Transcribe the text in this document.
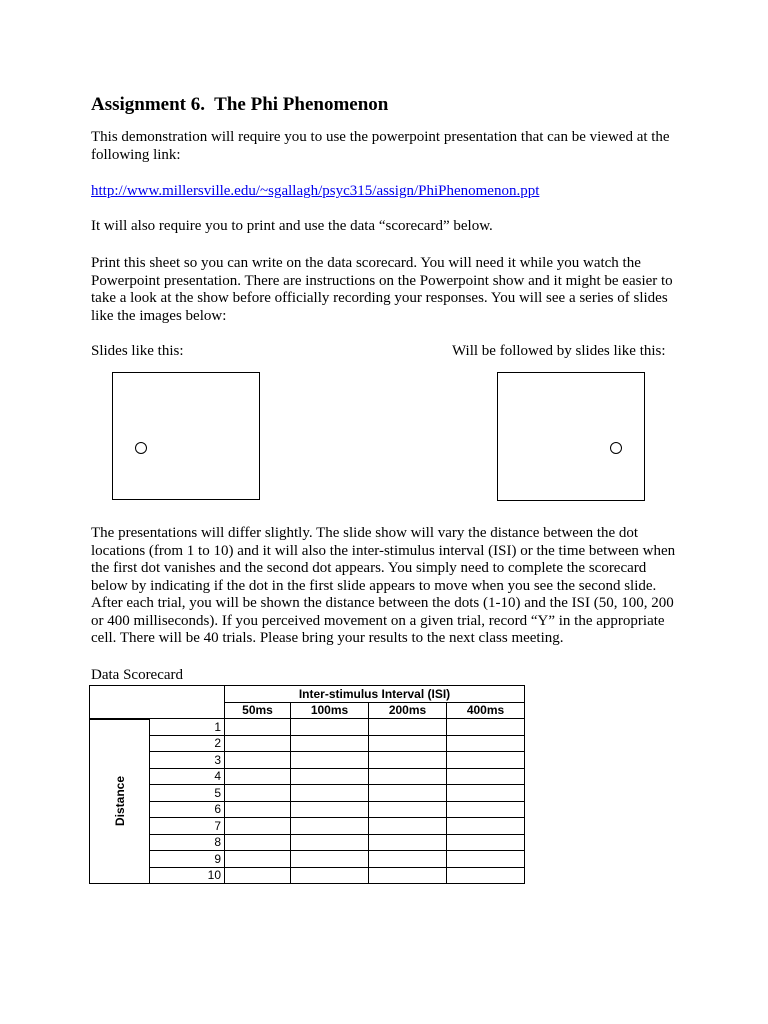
Assignment 6.  The Phi Phenomenon
This demonstration will require you to use the powerpoint presentation that can be viewed at the
following link:
http://www.millersville.edu/~sgallagh/psyc315/assign/PhiPhenomenon.ppt
It will also require you to print and use the data “scorecard” below.
Print this sheet so you can write on the data scorecard. You will need it while you watch the
Powerpoint presentation. There are instructions on the Powerpoint show and it might be easier to
take a look at the show before officially recording your responses. You will see a series of slides
like the images below:
Slides like this:	Will be followed by slides like this:
The presentations will differ slightly. The slide show will vary the distance between the dot
locations (from 1 to 10) and it will also the inter-stimulus interval (ISI) or the time between when
the first dot vanishes and the second dot appears. You simply need to complete the scorecard
below by indicating if the dot in the first slide appears to move when you see the second slide.
After each trial, you will be shown the distance between the dots (1-10) and the ISI (50, 100, 200
or 400 milliseconds). If you perceived movement on a given trial, record “Y” in the appropriate
cell. There will be 40 trials. Please bring your results to the next class meeting.
Data Scorecard
		Inter-stimulus Interval (ISI)			
		50ms	100ms	200ms	400ms

Distance	1				
	2				
	3				
	4				
	5				
	6				
	7				
	8				
	9				
	10				
